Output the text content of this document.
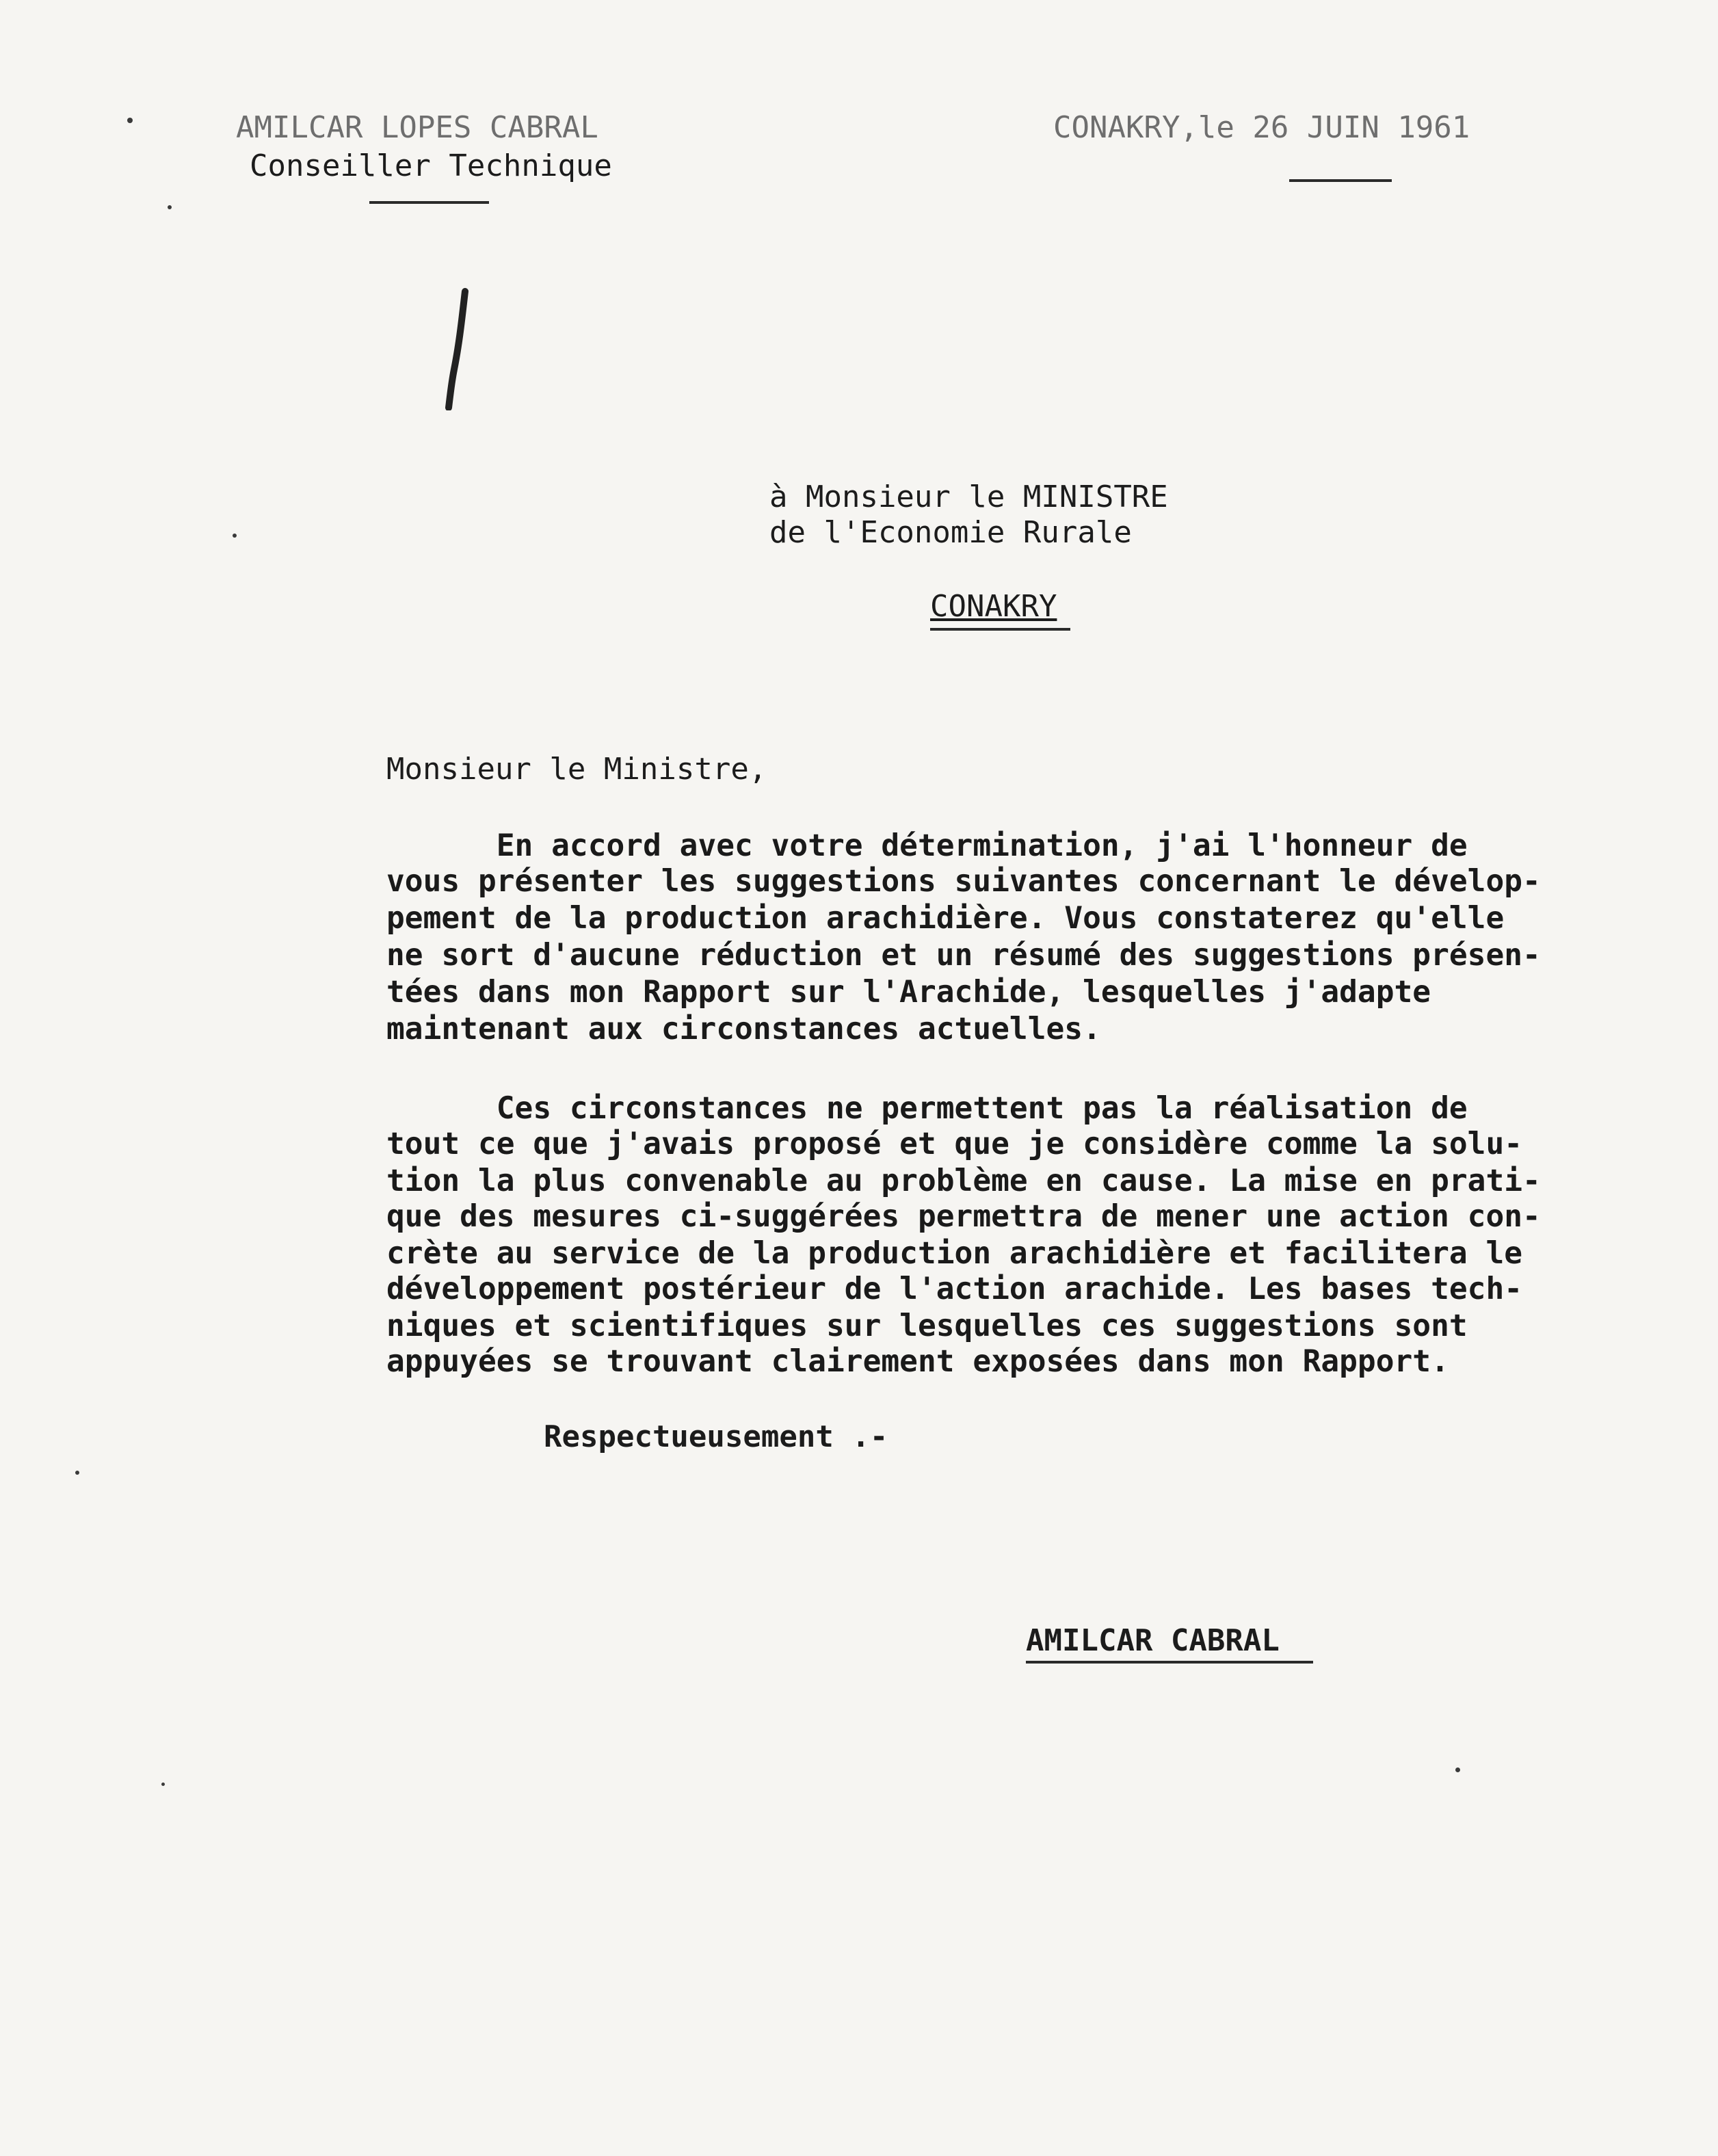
AMILCAR LOPES CABRAL
Conseiller Technique
CONAKRY,le 26 JUIN 1961
à Monsieur le MINISTRE
de l'Economie Rurale
CONAKRY
Monsieur le Ministre,
En accord avec votre détermination, j'ai l'honneur de
vous présenter les suggestions suivantes concernant le dévelop-
pement de la production arachidière. Vous constaterez qu'elle
ne sort d'aucune réduction et un résumé des suggestions présen-
tées dans mon Rapport sur l'Arachide, lesquelles j'adapte
maintenant aux circonstances actuelles.
Ces circonstances ne permettent pas la réalisation de
tout ce que j'avais proposé et que je considère comme la solu-
tion la plus convenable au problème en cause. La mise en prati-
que des mesures ci-suggérées permettra de mener une action con-
crète au service de la production arachidière et facilitera le
développement postérieur de l'action arachide. Les bases tech-
niques et scientifiques sur lesquelles ces suggestions sont
appuyées se trouvant clairement exposées dans mon Rapport.
Respectueusement .-
AMILCAR CABRAL
